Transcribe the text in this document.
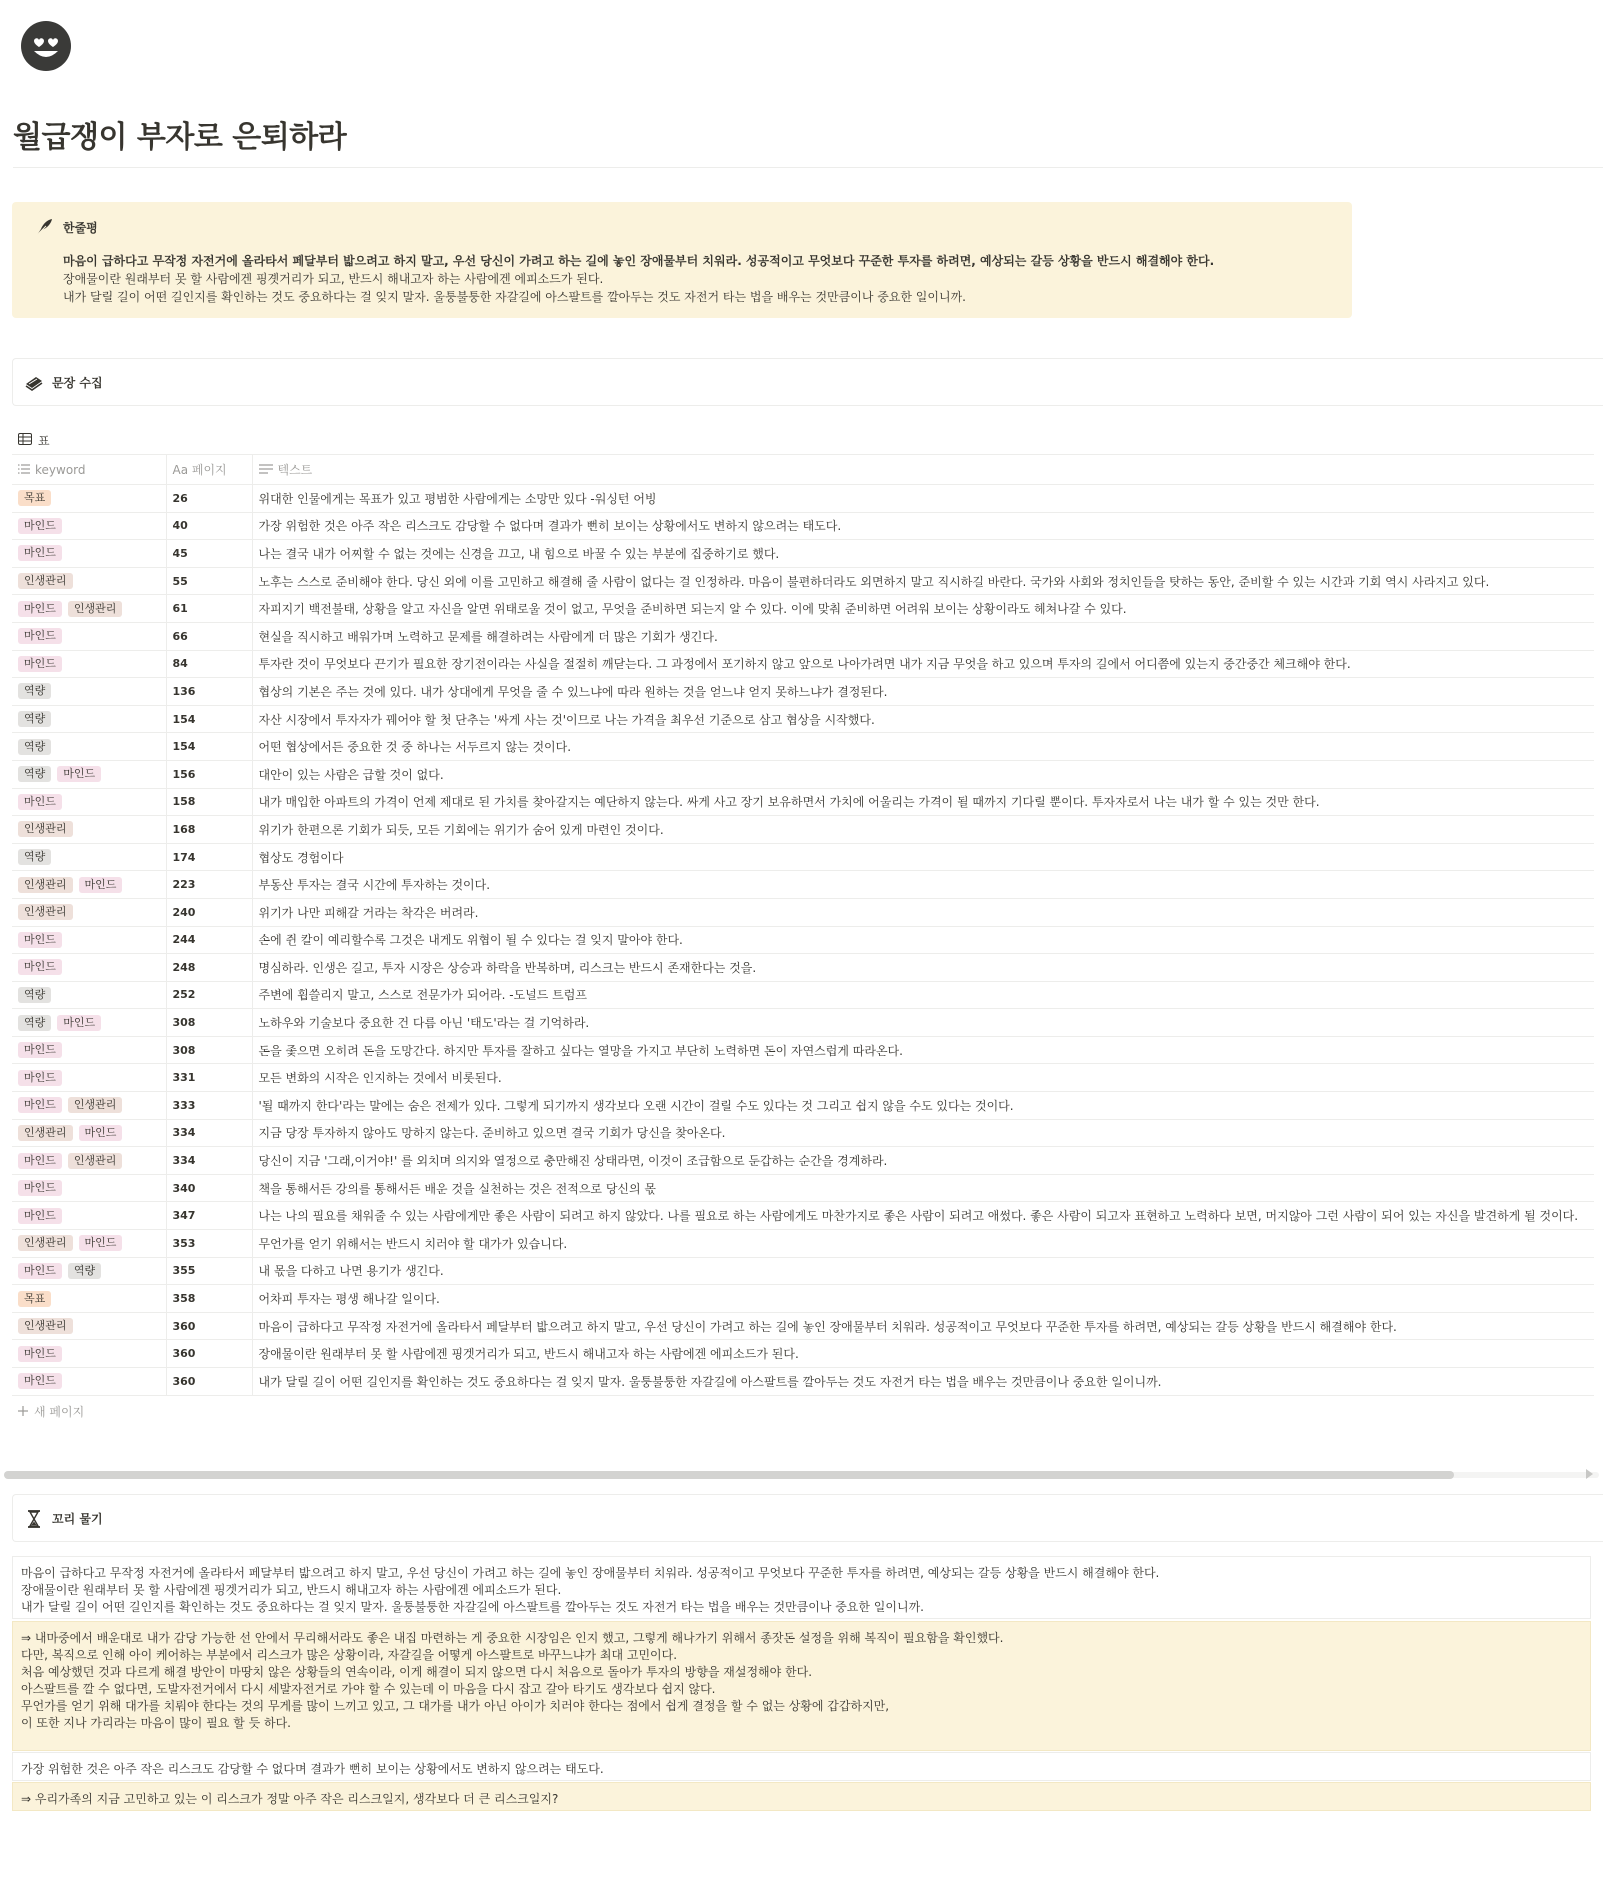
월급쟁이 부자로 은퇴하라
한줄평
마음이 급하다고 무작정 자전거에 올라타서 페달부터 밟으려고 하지 말고, 우선 당신이 가려고 하는 길에 놓인 장애물부터 치워라. 성공적이고 무엇보다 꾸준한 투자를 하려면, 예상되는 갈등 상황을 반드시 해결해야 한다.
장애물이란 원래부터 못 할 사람에겐 핑곗거리가 되고, 반드시 해내고자 하는 사람에겐 에피소드가 된다.
내가 달릴 길이 어떤 길인지를 확인하는 것도 중요하다는 걸 잊지 말자. 울퉁불퉁한 자갈길에 아스팔트를 깔아두는 것도 자전거 타는 법을 배우는 것만큼이나 중요한 일이니까.
문장 수집
표
keyword	Aa 페이지	텍스트

목표	26	위대한 인물에게는 목표가 있고 평범한 사람에게는 소망만 있다 -워싱턴 어빙
마인드	40	가장 위험한 것은 아주 작은 리스크도 감당할 수 없다며 결과가 뻔히 보이는 상황에서도 변하지 않으려는 태도다.
마인드	45	나는 결국 내가 어찌할 수 없는 것에는 신경을 끄고, 내 힘으로 바꿀 수 있는 부분에 집중하기로 했다.
인생관리	55	노후는 스스로 준비해야 한다. 당신 외에 이를 고민하고 해결해 줄 사람이 없다는 걸 인정하라. 마음이 불편하더라도 외면하지 말고 직시하길 바란다. 국가와 사회와 정치인들을 탓하는 동안, 준비할 수 있는 시간과 기회 역시 사라지고 있다.
마인드 인생관리	61	자피지기 백전불태, 상황을 알고 자신을 알면 위태로울 것이 없고, 무엇을 준비하면 되는지 알 수 있다. 이에 맞춰 준비하면 어려워 보이는 상황이라도 헤쳐나갈 수 있다.
마인드	66	현실을 직시하고 배워가며 노력하고 문제를 해결하려는 사람에게 더 많은 기회가 생긴다.
마인드	84	투자란 것이 무엇보다 끈기가 필요한 장기전이라는 사실을 절절히 깨닫는다. 그 과정에서 포기하지 않고 앞으로 나아가려면 내가 지금 무엇을 하고 있으며 투자의 길에서 어디쯤에 있는지 중간중간 체크해야 한다.
역량	136	협상의 기본은 주는 것에 있다. 내가 상대에게 무엇을 줄 수 있느냐에 따라 원하는 것을 얻느냐 얻지 못하느냐가 결정된다.
역량	154	자산 시장에서 투자자가 꿰어야 할 첫 단추는 '싸게 사는 것'이므로 나는 가격을 최우선 기준으로 삼고 협상을 시작했다.
역량	154	어떤 협상에서든 중요한 것 중 하나는 서두르지 않는 것이다.
역량 마인드	156	대안이 있는 사람은 급할 것이 없다.
마인드	158	내가 매입한 아파트의 가격이 언제 제대로 된 가치를 찾아갈지는 예단하지 않는다. 싸게 사고 장기 보유하면서 가치에 어울리는 가격이 될 때까지 기다릴 뿐이다. 투자자로서 나는 내가 할 수 있는 것만 한다.
인생관리	168	위기가 한편으론 기회가 되듯, 모든 기회에는 위기가 숨어 있게 마련인 것이다.
역량	174	협상도 경험이다
인생관리 마인드	223	부동산 투자는 결국 시간에 투자하는 것이다.
인생관리	240	위기가 나만 피해갈 거라는 착각은 버려라.
마인드	244	손에 쥔 칼이 예리할수록 그것은 내게도 위협이 될 수 있다는 걸 잊지 말아야 한다.
마인드	248	명심하라. 인생은 길고, 투자 시장은 상승과 하락을 반복하며, 리스크는 반드시 존재한다는 것을.
역량	252	주변에 휩쓸리지 말고, 스스로 전문가가 되어라. -도널드 트럼프
역량 마인드	308	노하우와 기술보다 중요한 건 다름 아닌 '태도'라는 걸 기억하라.
마인드	308	돈을 좇으면 오히려 돈을 도망간다. 하지만 투자를 잘하고 싶다는 열망을 가지고 부단히 노력하면 돈이 자연스럽게 따라온다.
마인드	331	모든 변화의 시작은 인지하는 것에서 비롯된다.
마인드 인생관리	333	'될 때까지 한다'라는 말에는 숨은 전제가 있다. 그렇게 되기까지 생각보다 오랜 시간이 걸릴 수도 있다는 것 그리고 쉽지 않을 수도 있다는 것이다.
인생관리 마인드	334	지금 당장 투자하지 않아도 망하지 않는다. 준비하고 있으면 결국 기회가 당신을 찾아온다.
마인드 인생관리	334	당신이 지금 '그래,이거야!' 를 외치며 의지와 열정으로 충만해진 상태라면, 이것이 조급함으로 둔갑하는 순간을 경계하라.
마인드	340	책을 통해서든 강의를 통해서든 배운 것을 실천하는 것은 전적으로 당신의 몫
마인드	347	나는 나의 필요를 채워줄 수 있는 사람에게만 좋은 사람이 되려고 하지 않았다. 나를 필요로 하는 사람에게도 마찬가지로 좋은 사람이 되려고 애썼다. 좋은 사람이 되고자 표현하고 노력하다 보면, 머지않아 그런 사람이 되어 있는 자신을 발견하게 될 것이다.
인생관리 마인드	353	무언가를 얻기 위해서는 반드시 치러야 할 대가가 있습니다.
마인드 역량	355	내 몫을 다하고 나면 용기가 생긴다.
목표	358	어차피 투자는 평생 해나갈 일이다.
인생관리	360	마음이 급하다고 무작정 자전거에 올라타서 페달부터 밟으려고 하지 말고, 우선 당신이 가려고 하는 길에 놓인 장애물부터 치워라. 성공적이고 무엇보다 꾸준한 투자를 하려면, 예상되는 갈등 상황을 반드시 해결해야 한다.
마인드	360	장애물이란 원래부터 못 할 사람에겐 핑겟거리가 되고, 반드시 해내고자 하는 사람에겐 에피소드가 된다.
마인드	360	내가 달릴 길이 어떤 길인지를 확인하는 것도 중요하다는 걸 잊지 말자. 울퉁불퉁한 자갈길에 아스팔트를 깔아두는 것도 자전거 타는 법을 배우는 것만큼이나 중요한 일이니까.
새 페이지
꼬리 물기
마음이 급하다고 무작정 자전거에 올라타서 페달부터 밟으려고 하지 말고, 우선 당신이 가려고 하는 길에 놓인 장애물부터 치워라. 성공적이고 무엇보다 꾸준한 투자를 하려면, 예상되는 갈등 상황을 반드시 해결해야 한다.
장애물이란 원래부터 못 할 사람에겐 핑겟거리가 되고, 반드시 해내고자 하는 사람에겐 에피소드가 된다.
내가 달릴 길이 어떤 길인지를 확인하는 것도 중요하다는 걸 잊지 말자. 울퉁불퉁한 자갈길에 아스팔트를 깔아두는 것도 자전거 타는 법을 배우는 것만큼이나 중요한 일이니까.
⇒ 내마중에서 배운대로 내가 감당 가능한 선 안에서 무리해서라도 좋은 내집 마련하는 게 중요한 시장임은 인지 했고, 그렇게 해나가기 위해서 종잣돈 설정을 위해 복직이 필요함을 확인했다.
다만, 복직으로 인해 아이 케어하는 부분에서 리스크가 많은 상황이라, 자갈길을 어떻게 아스팔트로 바꾸느냐가 최대 고민이다.
처음 예상했던 것과 다르게 해결 방안이 마땅치 않은 상황들의 연속이라, 이게 해결이 되지 않으면 다시 처음으로 돌아가 투자의 방향을 재설정해야 한다.
아스팔트를 깔 수 없다면, 도발자전거에서 다시 세발자전거로 가야 할 수 있는데 이 마음을 다시 잡고 갈아 타기도 생각보다 쉽지 않다.
무언가를 얻기 위해 대가를 치뤄야 한다는 것의 무게를 많이 느끼고 있고, 그 대가를 내가 아닌 아이가 치러야 한다는 점에서 쉽게 결정을 할 수 없는 상황에 갑갑하지만,
이 또한 지나 가리라는 마음이 많이 필요 할 듯 하다.
가장 위험한 것은 아주 작은 리스크도 감당할 수 없다며 결과가 뻔히 보이는 상황에서도 변하지 않으려는 태도다.
⇒ 우리가족의 지금 고민하고 있는 이 리스크가 정말 아주 작은 리스크일지, 생각보다 더 큰 리스크일지?
